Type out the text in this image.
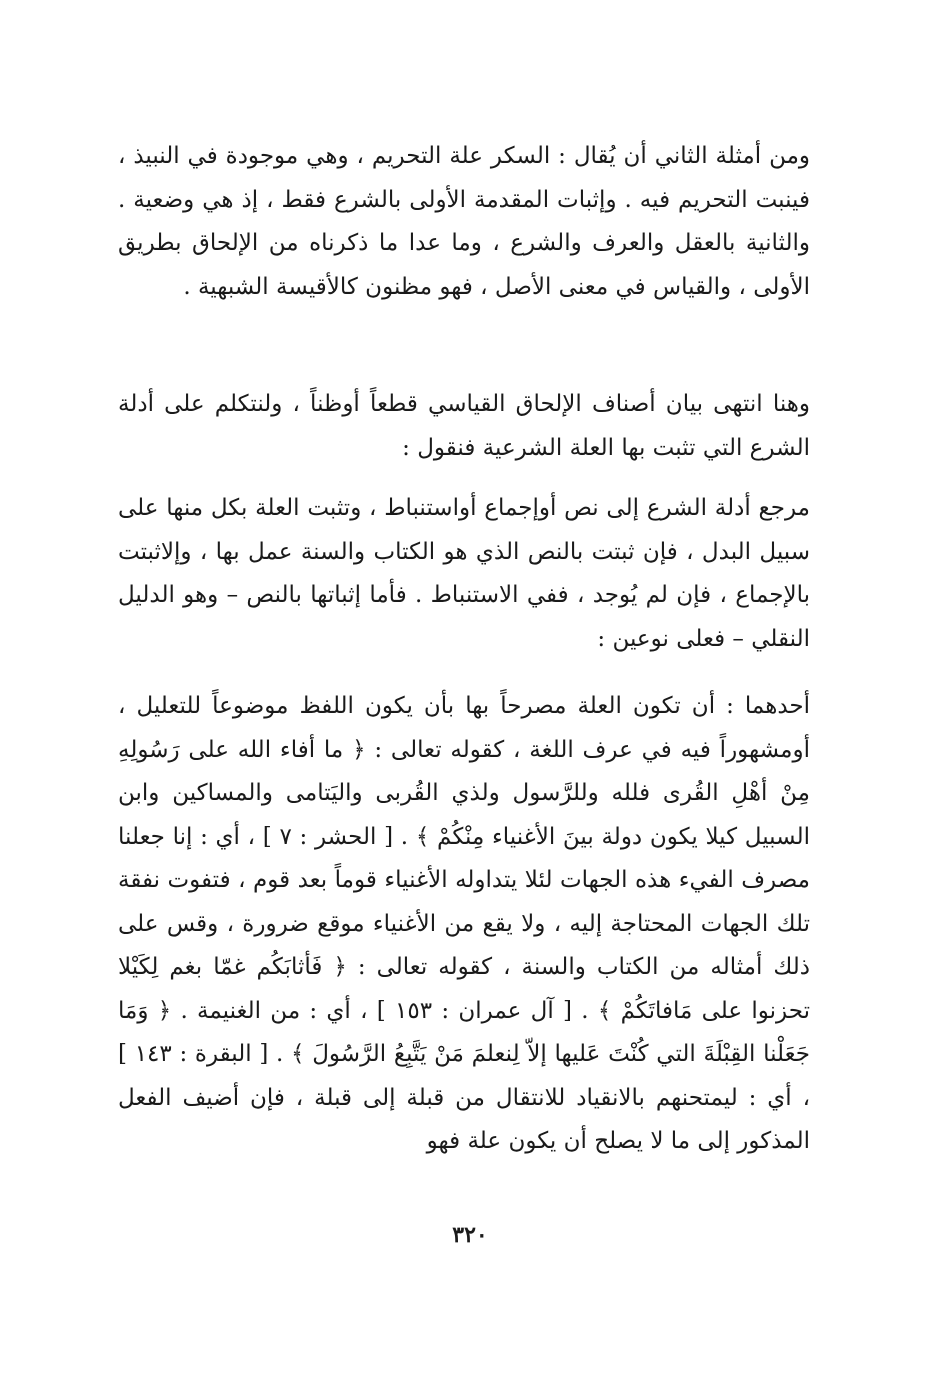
ومن أمثلة الثاني أن يُقال : السكر علة التحريم ، وهي موجودة في النبيذ ، فينبت التحريم فيه . وإثبات المقدمة الأولى بالشرع فقط ، إذ هي وضعية . والثانية بالعقل والعرف والشرع ، وما عدا ما ذكرناه من الإلحاق بطريق الأولى ، والقياس في معنى الأصل ، فهو مظنون كالأقيسة الشبهية .

وهنا انتهى بيان أصناف الإلحاق القياسي قطعاً أوظناً ، ولنتكلم على أدلة الشرع التي تثبت بها العلة الشرعية فنقول :

مرجع أدلة الشرع إلى نص أوإجماع أواستنباط ، وتثبت العلة بكل منها على سبيل البدل ، فإن ثبتت بالنص الذي هو الكتاب والسنة عمل بها ، وإلاثبتت بالإجماع ، فإن لم يُوجد ، ففي الاستنباط . فأما إثباتها بالنص – وهو الدليل النقلي – فعلى نوعين :

أحدهما : أن تكون العلة مصرحاً بها بأن يكون اللفظ موضوعاً للتعليل ، أومشهوراً فيه في عرف اللغة ، كقوله تعالى : ﴿ ما أفاء الله على رَسُولِهِ مِنْ أهْلِ القُرى فلله وللرَّسول ولذي القُربى واليَتامى والمساكين وابن السبيل كيلا يكون دولة بينَ الأغنياء مِنْكُمْ ﴾ . [ الحشر : ٧ ] ، أي : إنا جعلنا مصرف الفيء هذه الجهات لئلا يتداوله الأغنياء قوماً بعد قوم ، فتفوت نفقة تلك الجهات المحتاجة إليه ، ولا يقع من الأغنياء موقع ضرورة ، وقس على ذلك أمثاله من الكتاب والسنة ، كقوله تعالى : ﴿ فَأثابَكُم غمّا بغم لِكَيْلا تحزنوا على مَافاتَكُمْ ﴾ . [ آل عمران : ١٥٣ ] ، أي : من الغنيمة . ﴿ وَمَا جَعَلْنا القِبْلَةَ التي كُنْتَ عَليها إلاّ لِنعلمَ مَنْ يَتَّبِعُ الرَّسُولَ ﴾ . [ البقرة : ١٤٣ ] ، أي : ليمتحنهم بالانقياد للانتقال من قبلة إلى قبلة ، فإن أضيف الفعل المذكور إلى ما لا يصلح أن يكون علة فهو

٣٢٠
